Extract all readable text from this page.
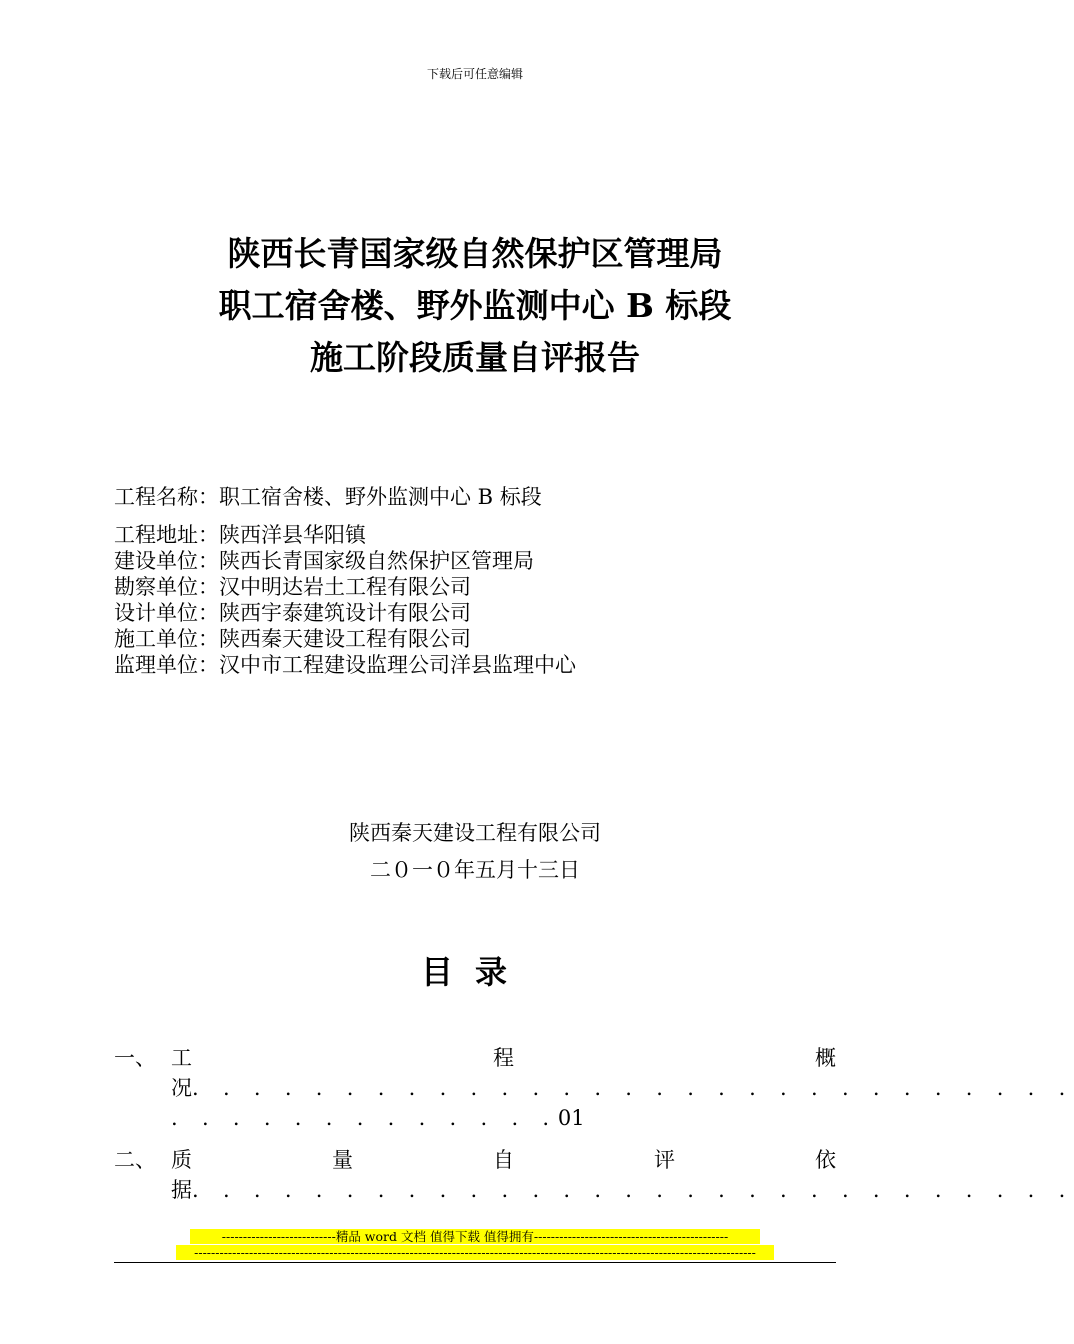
下载后可任意编辑
陕西长青国家级自然保护区管理局
职工宿舍楼、野外监测中心 B 标段
施工阶段质量自评报告
工程名称：职工宿舍楼、野外监测中心 B 标段
工程地址：陕西洋县华阳镇
建设单位：陕西长青国家级自然保护区管理局
勘察单位：汉中明达岩土工程有限公司
设计单位：陕西宇泰建筑设计有限公司
施工单位：陕西秦天建设工程有限公司
监理单位：汉中市工程建设监理公司洋县监理中心
陕西秦天建设工程有限公司
二０一０年五月十三日
目录
一、 工	程	概
况. . . . . . . . . . . . . . . . . . . . . . . . . . . . .
. . . . . . . . . . . . .01
二、 质	量	自	评	依
据. . . . . . . . . . . . . . . . . . . . . . . . . . . . .
---------------------------精品 word 文档 值得下载 值得拥有----------------------------------------------
-------------------------------------------------------------------------------------------------------------------------------------
